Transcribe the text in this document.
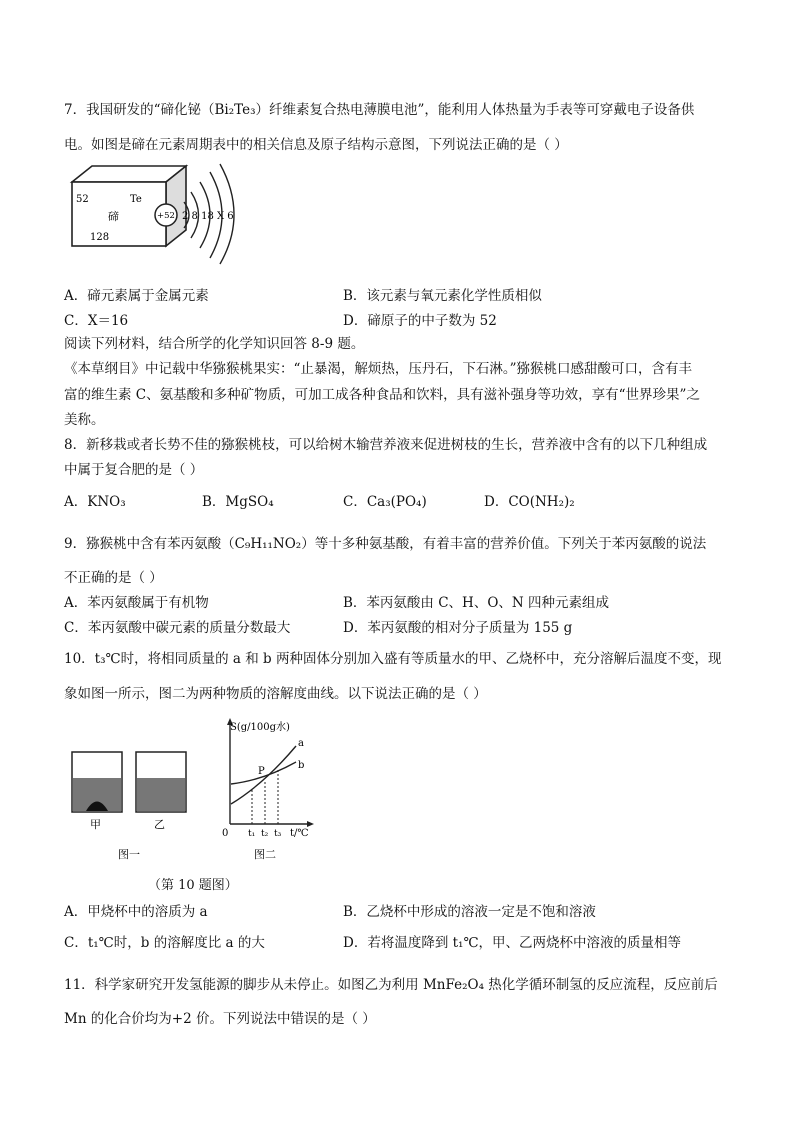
7．我国研发的“碲化铋（Bi₂Te₃）纤维素复合热电薄膜电池”，能利用人体热量为手表等可穿戴电子设备供
电。如图是碲在元素周期表中的相关信息及原子结构示意图，下列说法正确的是（ ）
52	Te
碲
128
+52 2 8 18 X 6
A．碲元素属于金属元素	B．该元素与氧元素化学性质相似
C．X＝16	D．碲原子的中子数为 52
阅读下列材料，结合所学的化学知识回答 8-9 题。
《本草纲目》中记载中华猕猴桃果实：“止暴渴，解烦热，压丹石，下石淋。”猕猴桃口感甜酸可口，含有丰
富的维生素 C、氨基酸和多种矿物质，可加工成各种食品和饮料，具有滋补强身等功效，享有“世界珍果”之
美称。
8．新移栽或者长势不佳的猕猴桃枝，可以给树木输营养液来促进树枝的生长，营养液中含有的以下几种组成
中属于复合肥的是（ ）
A．KNO₃	B．MgSO₄	C．Ca₃(PO₄)	D．CO(NH₂)₂
9．猕猴桃中含有苯丙氨酸（C₉H₁₁NO₂）等十多种氨基酸，有着丰富的营养价值。下列关于苯丙氨酸的说法
不正确的是（ ）
A．苯丙氨酸属于有机物	B．苯丙氨酸由 C、H、O、N 四种元素组成
C．苯丙氨酸中碳元素的质量分数最大	D．苯丙氨酸的相对分子质量为 155 g
10．t₃℃时，将相同质量的 a 和 b 两种固体分别加入盛有等质量水的甲、乙烧杯中，充分溶解后温度不变，现
象如图一所示，图二为两种物质的溶解度曲线。以下说法正确的是（ ）
甲	乙
图一
S(g/100g水)
t/℃
0
a
b
P
t₁ t₂ t₃
图二
（第 10 题图）
A．甲烧杯中的溶质为 a	B．乙烧杯中形成的溶液一定是不饱和溶液
C．t₁℃时，b 的溶解度比 a 的大	D．若将温度降到 t₁℃，甲、乙两烧杯中溶液的质量相等
11．科学家研究开发氢能源的脚步从未停止。如图乙为利用 MnFe₂O₄ 热化学循环制氢的反应流程，反应前后
Mn 的化合价均为+2 价。下列说法中错误的是（ ）
